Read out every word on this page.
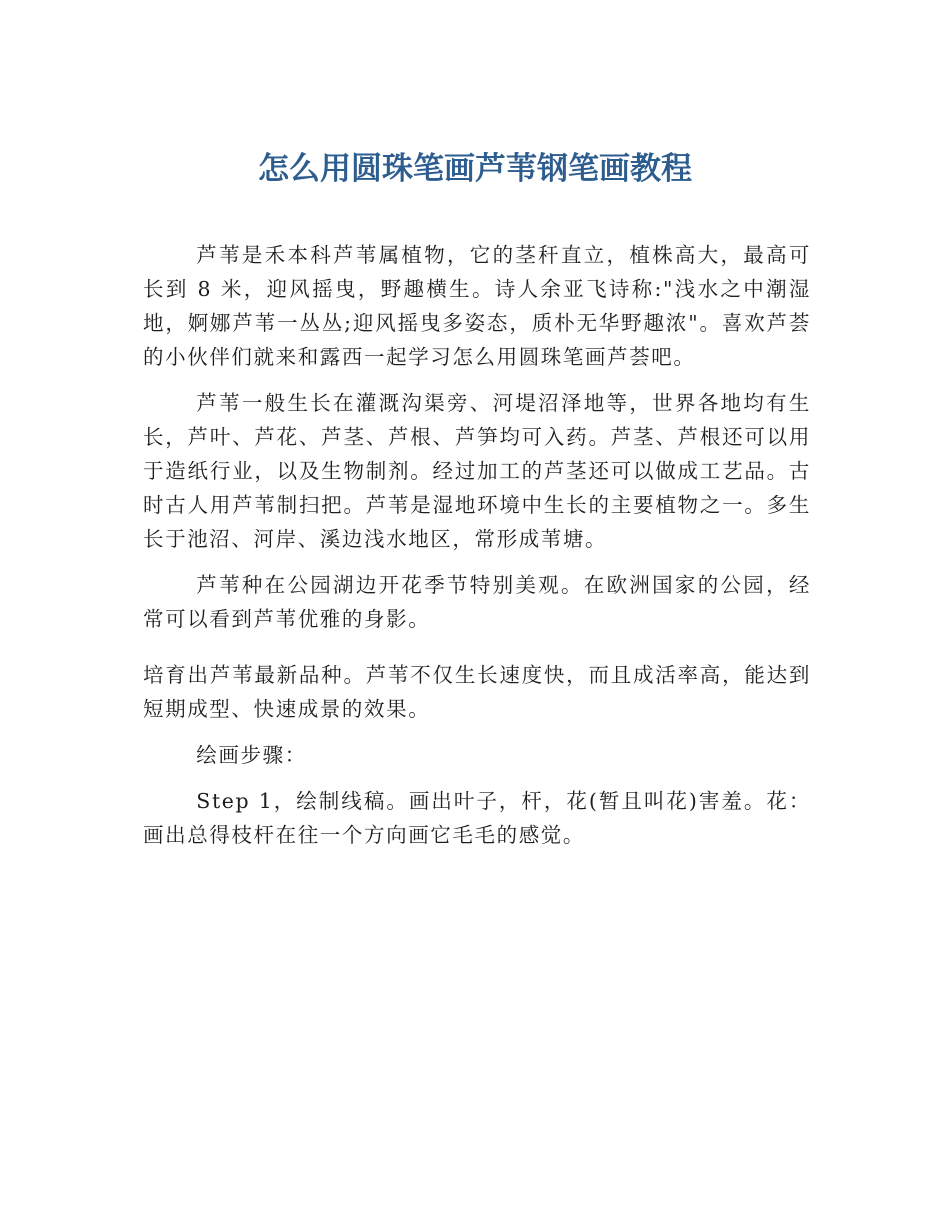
怎么用圆珠笔画芦苇钢笔画教程

芦苇是禾本科芦苇属植物，它的茎秆直立，植株高大，最高可长到 8 米，迎风摇曳，野趣横生。诗人余亚飞诗称:"浅水之中潮湿地，婀娜芦苇一丛丛;迎风摇曳多姿态，质朴无华野趣浓"。喜欢芦荟的小伙伴们就来和露西一起学习怎么用圆珠笔画芦荟吧。

芦苇一般生长在灌溉沟渠旁、河堤沼泽地等，世界各地均有生长，芦叶、芦花、芦茎、芦根、芦笋均可入药。芦茎、芦根还可以用于造纸行业，以及生物制剂。经过加工的芦茎还可以做成工艺品。古时古人用芦苇制扫把。芦苇是湿地环境中生长的主要植物之一。多生长于池沼、河岸、溪边浅水地区，常形成苇塘。

芦苇种在公园湖边开花季节特别美观。在欧洲国家的公园，经常可以看到芦苇优雅的身影。

培育出芦苇最新品种。芦苇不仅生长速度快，而且成活率高，能达到短期成型、快速成景的效果。

绘画步骤：

Step 1，绘制线稿。画出叶子，杆，花(暂且叫花)害羞。花：画出总得枝杆在往一个方向画它毛毛的感觉。
